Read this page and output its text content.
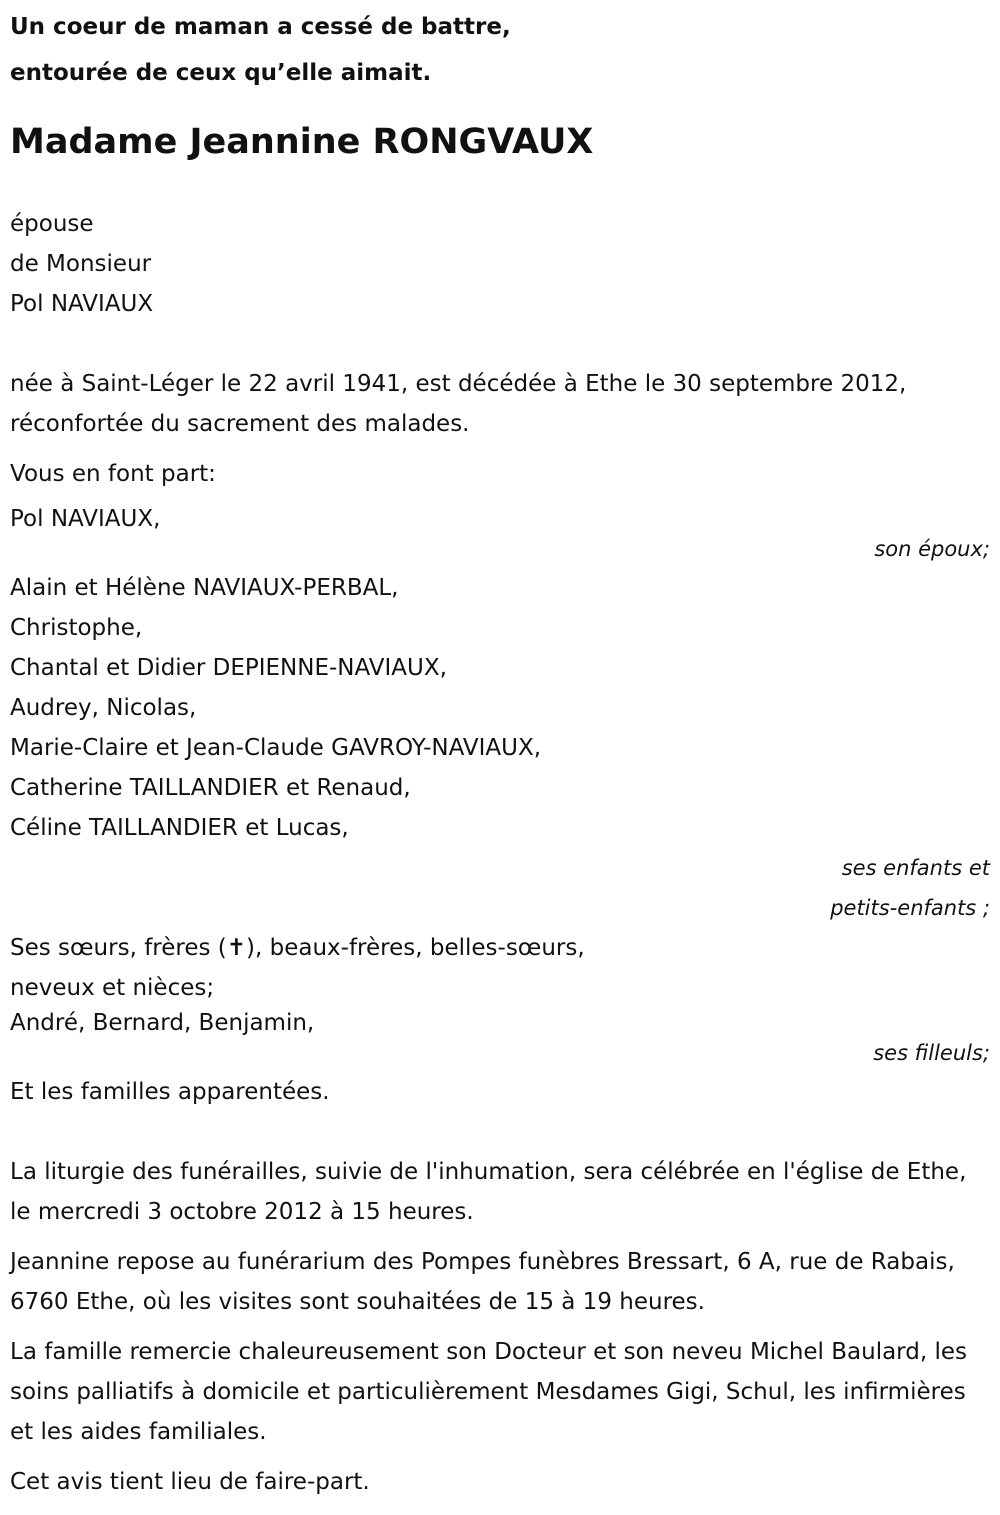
Un coeur de maman a cessé de battre,
entourée de ceux qu’elle aimait.
Madame Jeannine RONGVAUX
épouse
de Monsieur
Pol NAVIAUX
née à Saint-Léger le 22 avril 1941, est décédée à Ethe le 30 septembre 2012, réconfortée du sacrement des malades.
Vous en font part:
Pol NAVIAUX,
son époux;
Alain et Hélène NAVIAUX-PERBAL,
Christophe,
Chantal et Didier DEPIENNE-NAVIAUX,
Audrey, Nicolas,
Marie-Claire et Jean-Claude GAVROY-NAVIAUX,
Catherine TAILLANDIER et Renaud,
Céline TAILLANDIER et Lucas,
ses enfants et
petits-enfants ;
Ses sœurs, frères (✝), beaux-frères, belles-sœurs,
neveux et nièces;
André, Bernard, Benjamin,
ses filleuls;
Et les familles apparentées.
La liturgie des funérailles, suivie de l'inhumation, sera célébrée en l'église de Ethe, le mercredi 3 octobre 2012 à 15 heures.
Jeannine repose au funérarium des Pompes funèbres Bressart, 6 A, rue de Rabais, 6760 Ethe, où les visites sont souhaitées de 15 à 19 heures.
La famille remercie chaleureusement son Docteur et son neveu Michel Baulard, les soins palliatifs à domicile et particulièrement Mesdames Gigi, Schul, les infirmières et les aides familiales.
Cet avis tient lieu de faire-part.
